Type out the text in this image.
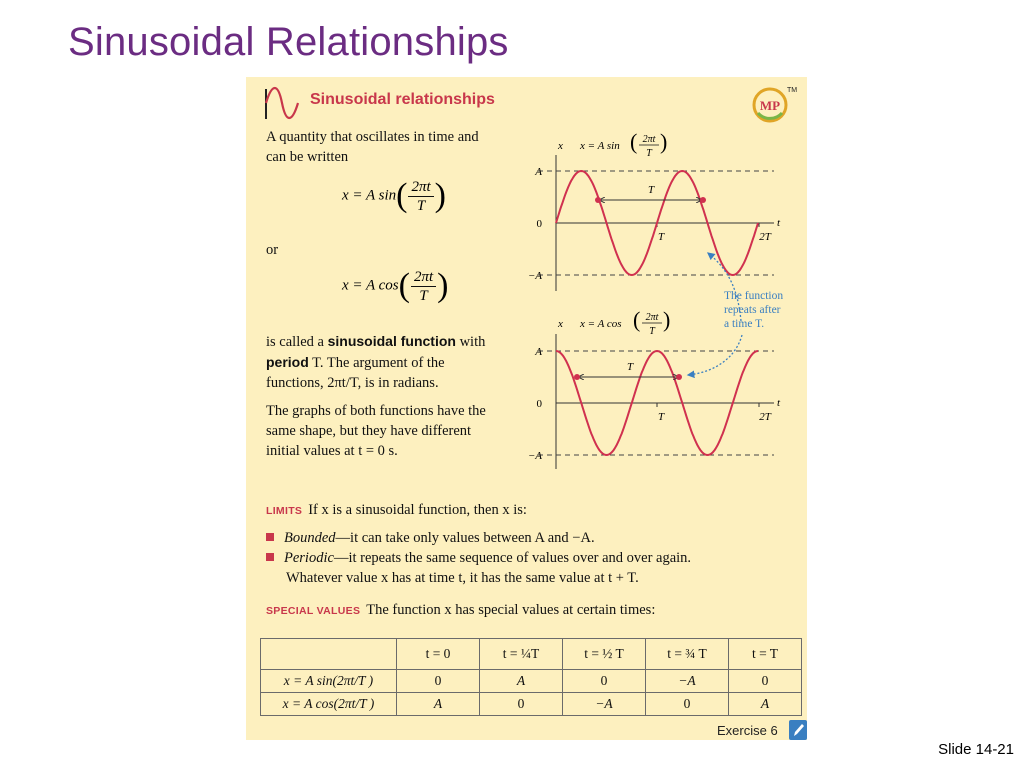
Sinusoidal Relationships
Sinusoidal relationships	MP
TM
A quantity that oscillates in time and
can be written
x = A $\sin( \frac{2\pi t}{T}$ )
or
x = A $\cos( \frac{2\pi t}{T}$ )
is called a sinusoidal function with
period T. The argument of the
functions, 2πt/T, is in radians.
The graphs of both functions have the
same shape, but they have different
initial values at t = 0 s.
x x = A sin ( 2πt
T )
A
0
−A
T	2T
t
T
x x = A cos ( 2πt
T )
A
0
−A
T	2T
t
T
The function
repeats after
a time T.
LIMITS If x is a sinusoidal function, then x is:
Bounded—it can take only values between A and −A.
Periodic—it repeats the same sequence of values over and over again.
Whatever value x has at time t, it has the same value at t + T.
SPECIAL VALUES The function x has special values at certain times:
	t = 0	t = ¼T	t = ½ T	t = ¾ T	t = T
x = A sin(2πt/T )	0	A	0	−A	0
x = A cos(2πt/T )	A	0	−A	0	A
Exercise 6
Slide 14-21
